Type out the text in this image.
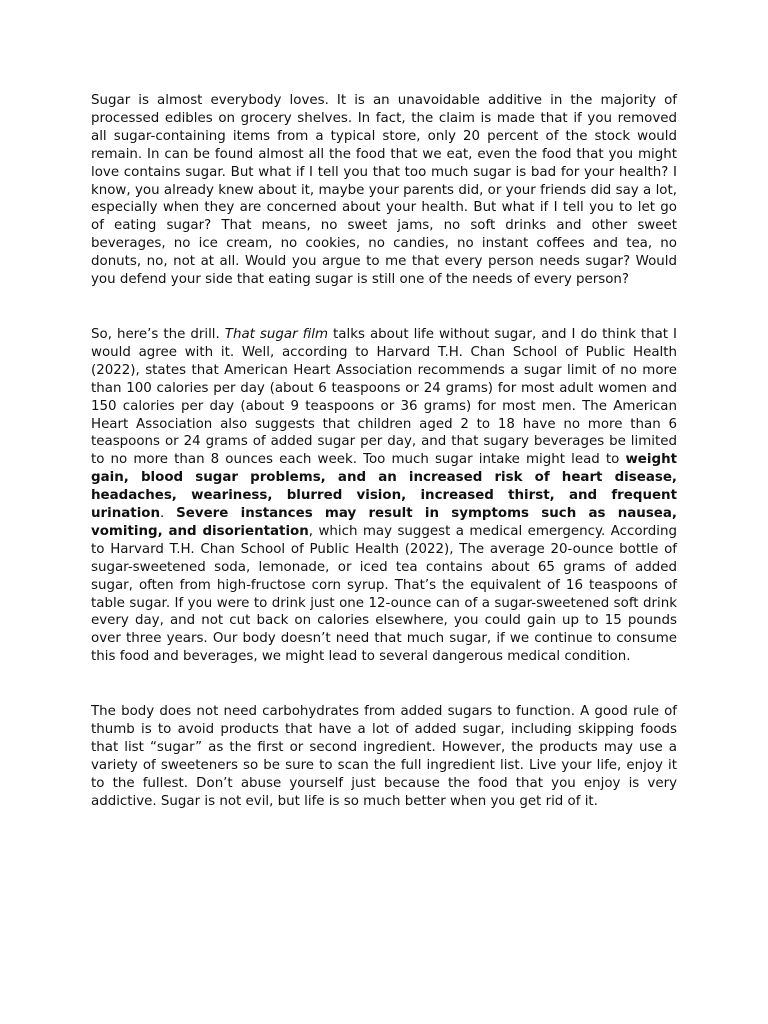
Sugar is almost everybody loves. It is an unavoidable additive in the majority of processed edibles on grocery shelves. In fact, the claim is made that if you removed all sugar-containing items from a typical store, only 20 percent of the stock would remain. In can be found almost all the food that we eat, even the food that you might love contains sugar. But what if I tell you that too much sugar is bad for your health? I know, you already knew about it, maybe your parents did, or your friends did say a lot, especially when they are concerned about your health. But what if I tell you to let go of eating sugar? That means, no sweet jams, no soft drinks and other sweet beverages, no ice cream, no cookies, no candies, no instant coffees and tea, no donuts, no, not at all. Would you argue to me that every person needs sugar? Would you defend your side that eating sugar is still one of the needs of every person?

So, here’s the drill. That sugar film talks about life without sugar, and I do think that I would agree with it. Well, according to Harvard T.H. Chan School of Public Health (2022), states that American Heart Association recommends a sugar limit of no more than 100 calories per day (about 6 teaspoons or 24 grams) for most adult women and 150 calories per day (about 9 teaspoons or 36 grams) for most men. The American Heart Association also suggests that children aged 2 to 18 have no more than 6 teaspoons or 24 grams of added sugar per day, and that sugary beverages be limited to no more than 8 ounces each week. Too much sugar intake might lead to weight gain, blood sugar problems, and an increased risk of heart disease, headaches, weariness, blurred vision, increased thirst, and frequent urination. Severe instances may result in symptoms such as nausea, vomiting, and disorientation, which may suggest a medical emergency. According to Harvard T.H. Chan School of Public Health (2022), The average 20-ounce bottle of sugar-sweetened soda, lemonade, or iced tea contains about 65 grams of added sugar, often from high-fructose corn syrup. That’s the equivalent of 16 teaspoons of table sugar. If you were to drink just one 12-ounce can of a sugar-sweetened soft drink every day, and not cut back on calories elsewhere, you could gain up to 15 pounds over three years. Our body doesn’t need that much sugar, if we continue to consume this food and beverages, we might lead to several dangerous medical condition.

The body does not need carbohydrates from added sugars to function. A good rule of thumb is to avoid products that have a lot of added sugar, including skipping foods that list “sugar” as the first or second ingredient. However, the products may use a variety of sweeteners so be sure to scan the full ingredient list. Live your life, enjoy it to the fullest. Don’t abuse yourself just because the food that you enjoy is very addictive. Sugar is not evil, but life is so much better when you get rid of it.
